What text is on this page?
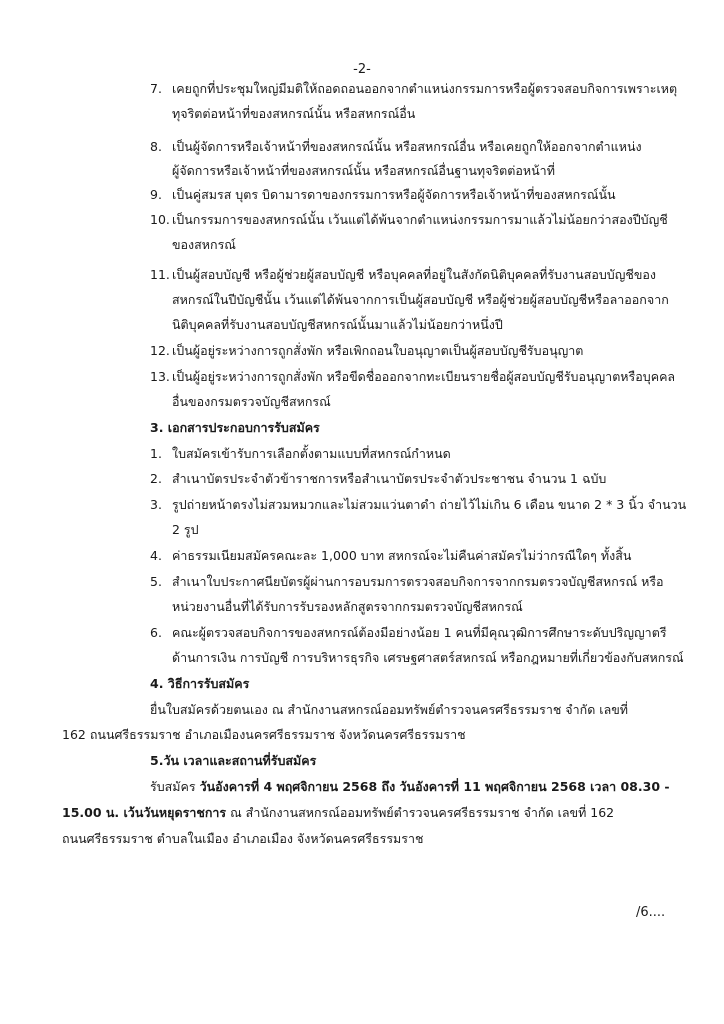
-2-
7. เคยถูกที่ประชุมใหญ่มีมติให้ถอดถอนออกจากตำแหน่งกรรมการหรือผู้ตรวจสอบกิจการเพราะเหตุ
ทุจริตต่อหน้าที่ของสหกรณ์นั้น หรือสหกรณ์อื่น
8. เป็นผู้จัดการหรือเจ้าหน้าที่ของสหกรณ์นั้น หรือสหกรณ์อื่น หรือเคยถูกให้ออกจากตำแหน่ง
ผู้จัดการหรือเจ้าหน้าที่ของสหกรณ์นั้น หรือสหกรณ์อื่นฐานทุจริตต่อหน้าที่
9. เป็นคู่สมรส บุตร บิดามารดาของกรรมการหรือผู้จัดการหรือเจ้าหน้าที่ของสหกรณ์นั้น
10. เป็นกรรมการของสหกรณ์นั้น เว้นแต่ได้พ้นจากตำแหน่งกรรมการมาแล้วไม่น้อยกว่าสองปีบัญชี
ของสหกรณ์
11. เป็นผู้สอบบัญชี หรือผู้ช่วยผู้สอบบัญชี หรือบุคคลที่อยู่ในสังกัดนิติบุคคลที่รับงานสอบบัญชีของ
สหกรณ์ในปีบัญชีนั้น เว้นแต่ได้พ้นจากการเป็นผู้สอบบัญชี หรือผู้ช่วยผู้สอบบัญชีหรือลาออกจาก
นิติบุคคลที่รับงานสอบบัญชีสหกรณ์นั้นมาแล้วไม่น้อยกว่าหนึ่งปี
12. เป็นผู้อยู่ระหว่างการถูกสั่งพัก หรือเพิกถอนใบอนุญาตเป็นผู้สอบบัญชีรับอนุญาต
13. เป็นผู้อยู่ระหว่างการถูกสั่งพัก หรือขีดชื่อออกจากทะเบียนรายชื่อผู้สอบบัญชีรับอนุญาตหรือบุคคล
อื่นของกรมตรวจบัญชีสหกรณ์
3. เอกสารประกอบการรับสมัคร
1. ใบสมัครเข้ารับการเลือกตั้งตามแบบที่สหกรณ์กำหนด
2. สำเนาบัตรประจำตัวข้าราชการหรือสำเนาบัตรประจำตัวประชาชน จำนวน 1 ฉบับ
3. รูปถ่ายหน้าตรงไม่สวมหมวกและไม่สวมแว่นตาดำ ถ่ายไว้ไม่เกิน 6 เดือน ขนาด 2 * 3 นิ้ว จำนวน
2 รูป
4. ค่าธรรมเนียมสมัครคณะละ 1,000 บาท สหกรณ์จะไม่คืนค่าสมัครไม่ว่ากรณีใดๆ ทั้งสิ้น
5. สำเนาใบประกาศนียบัตรผู้ผ่านการอบรมการตรวจสอบกิจการจากกรมตรวจบัญชีสหกรณ์ หรือ
หน่วยงานอื่นที่ได้รับการรับรองหลักสูตรจากกรมตรวจบัญชีสหกรณ์
6. คณะผู้ตรวจสอบกิจการของสหกรณ์ต้องมีอย่างน้อย 1 คนที่มีคุณวุฒิการศึกษาระดับปริญญาตรี
ด้านการเงิน การบัญชี การบริหารธุรกิจ เศรษฐศาสตร์สหกรณ์ หรือกฎหมายที่เกี่ยวข้องกับสหกรณ์
4. วิธีการรับสมัคร
ยื่นใบสมัครด้วยตนเอง ณ สำนักงานสหกรณ์ออมทรัพย์ตำรวจนครศรีธรรมราช จำกัด เลขที่
162 ถนนศรีธรรมราช อำเภอเมืองนครศรีธรรมราช จังหวัดนครศรีธรรมราช
5.วัน เวลาและสถานที่รับสมัคร
รับสมัคร วันอังคารที่ 4 พฤศจิกายน 2568 ถึง วันอังคารที่ 11 พฤศจิกายน 2568 เวลา 08.30 -
15.00 น. เว้นวันหยุดราชการ ณ สำนักงานสหกรณ์ออมทรัพย์ตำรวจนครศรีธรรมราช จำกัด เลขที่ 162
ถนนศรีธรรมราช ตำบลในเมือง อำเภอเมือง จังหวัดนครศรีธรรมราช
/6....
